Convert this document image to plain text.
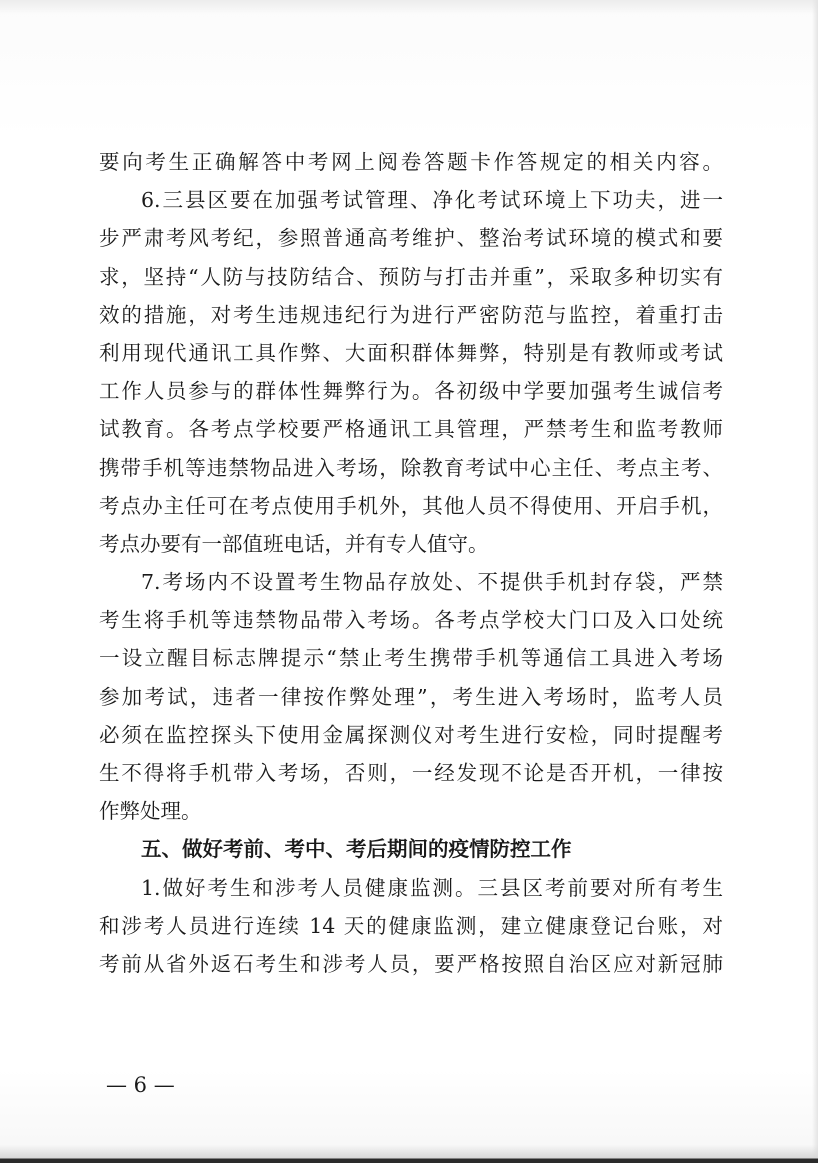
要向考生正确解答中考网上阅卷答题卡作答规定的相关内容。
6.三县区要在加强考试管理、净化考试环境上下功夫，进一
步严肃考风考纪，参照普通高考维护、整治考试环境的模式和要
求，坚持“人防与技防结合、预防与打击并重”，采取多种切实有
效的措施，对考生违规违纪行为进行严密防范与监控，着重打击
利用现代通讯工具作弊、大面积群体舞弊，特别是有教师或考试
工作人员参与的群体性舞弊行为。各初级中学要加强考生诚信考
试教育。各考点学校要严格通讯工具管理，严禁考生和监考教师
携带手机等违禁物品进入考场，除教育考试中心主任、考点主考、
考点办主任可在考点使用手机外，其他人员不得使用、开启手机，
考点办要有一部值班电话，并有专人值守。
7.考场内不设置考生物品存放处、不提供手机封存袋，严禁
考生将手机等违禁物品带入考场。各考点学校大门口及入口处统
一设立醒目标志牌提示“禁止考生携带手机等通信工具进入考场
参加考试，违者一律按作弊处理”，考生进入考场时，监考人员
必须在监控探头下使用金属探测仪对考生进行安检，同时提醒考
生不得将手机带入考场，否则，一经发现不论是否开机，一律按
作弊处理。
五、做好考前、考中、考后期间的疫情防控工作
1.做好考生和涉考人员健康监测。三县区考前要对所有考生
和涉考人员进行连续 14 天的健康监测，建立健康登记台账，对
考前从省外返石考生和涉考人员，要严格按照自治区应对新冠肺
— 6 —
